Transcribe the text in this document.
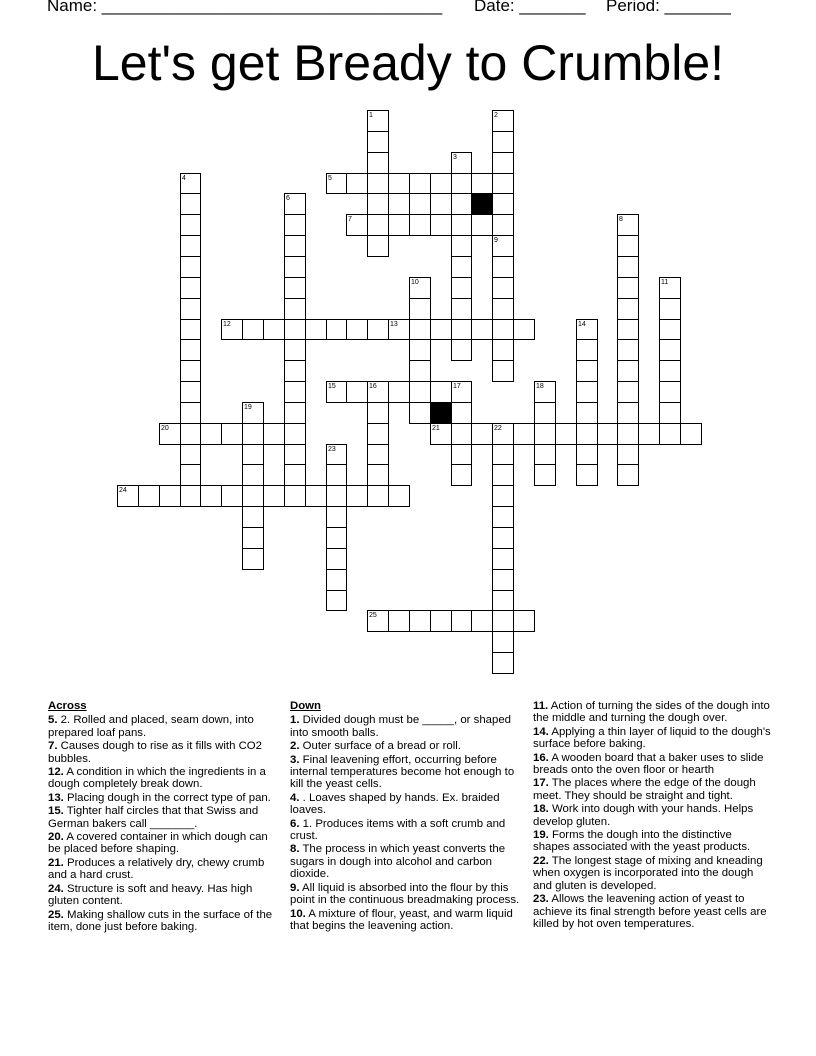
Name: ____________________________________ Date: _______ Period: _______
Let's get Bready to Crumble!
1	2
9
3
4	5
6
7	8
10	11
12	13	14
15	16	17	18
19
20	21	22
23
24
25
Across
5. 2. Rolled and placed, seam down, into prepared loaf pans.
7. Causes dough to rise as it fills with CO2 bubbles.
12. A condition in which the ingredients in a dough completely break down.
13. Placing dough in the correct type of pan.
15. Tighter half circles that that Swiss and German bakers call _______.
20. A covered container in which dough can be placed before shaping.
21. Produces a relatively dry, chewy crumb and a hard crust.
24. Structure is soft and heavy. Has high gluten content.
25. Making shallow cuts in the surface of the item, done just before baking.
Down
1. Divided dough must be _____, or shaped into smooth balls.
2. Outer surface of a bread or roll.
3. Final leavening effort, occurring before internal temperatures become hot enough to kill the yeast cells.
4. . Loaves shaped by hands. Ex. braided loaves.
6. 1. Produces items with a soft crumb and crust.
8. The process in which yeast converts the sugars in dough into alcohol and carbon dioxide.
9. All liquid is absorbed into the flour by this point in the continuous breadmaking process.
10. A mixture of flour, yeast, and warm liquid that begins the leavening action.
11. Action of turning the sides of the dough into the middle and turning the dough over.
14. Applying a thin layer of liquid to the dough's surface before baking.
16. A wooden board that a baker uses to slide breads onto the oven floor or hearth
17. The places where the edge of the dough meet. They should be straight and tight.
18. Work into dough with your hands. Helps develop gluten.
19. Forms the dough into the distinctive shapes associated with the yeast products.
22. The longest stage of mixing and kneading when oxygen is incorporated into the dough and gluten is developed.
23. Allows the leavening action of yeast to achieve its final strength before yeast cells are killed by hot oven temperatures.
